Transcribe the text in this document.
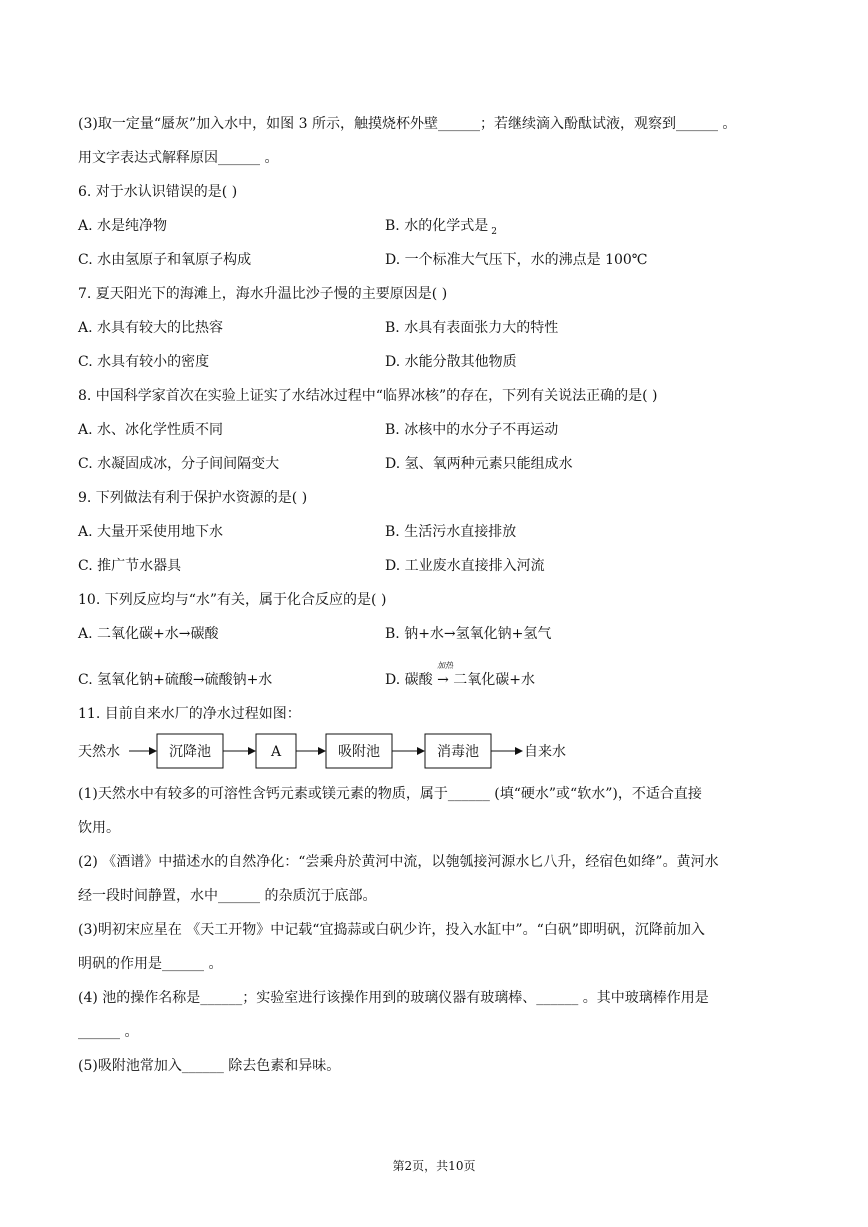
(3)取一定量“蜃灰”加入水中，如图 3 所示，触摸烧杯外壁______；若继续滴入酚酞试液，观察到______ 。
用文字表达式解释原因______ 。
6. 对于水认识错误的是( )
A. 水是纯净物	B. 水的化学式是 $_2$
C. 水由氢原子和氧原子构成	D. 一个标准大气压下，水的沸点是 100℃
7. 夏天阳光下的海滩上，海水升温比沙子慢的主要原因是( )
A. 水具有较大的比热容	B. 水具有表面张力大的特性
C. 水具有较小的密度	D. 水能分散其他物质
8. 中国科学家首次在实验上证实了水结冰过程中“临界冰核”的存在，下列有关说法正确的是( )
A. 水、冰化学性质不同	B. 冰核中的水分子不再运动
C. 水凝固成冰，分子间间隔变大	D. 氢、氧两种元素只能组成水
9. 下列做法有利于保护水资源的是( )
A. 大量开采使用地下水	B. 生活污水直接排放
C. 推广节水器具	D. 工业废水直接排入河流
10. 下列反应均与“水”有关，属于化合反应的是( )
A. 二氧化碳+水→碳酸	B. 钠+水→氢氧化钠+氢气
C. 氢氧化钠+硫酸→硫酸钠+水	D. 碳酸 → 二氧化碳+水
加热
11. 目前自来水厂的净水过程如图：
天然水	沉降池	A	吸附池	消毒池	自来水
(1)天然水中有较多的可溶性含钙元素或镁元素的物质，属于______ (填“硬水”或“软水”)，不适合直接
饮用。
(2) 《酒谱》中描述水的自然净化：“尝乘舟於黄河中流，以匏瓠接河源水匕八升，经宿色如绛”。黄河水
经一段时间静置，水中______ 的杂质沉于底部。
(3)明初宋应星在 《天工开物》中记载“宜捣蒜或白矾少许，投入水缸中”。“白矾”即明矾，沉降前加入
明矾的作用是______ 。
(4) 池的操作名称是______；实验室进行该操作用到的玻璃仪器有玻璃棒、______ 。其中玻璃棒作用是
______ 。
(5)吸附池常加入______ 除去色素和异味。
第2页，共10页
